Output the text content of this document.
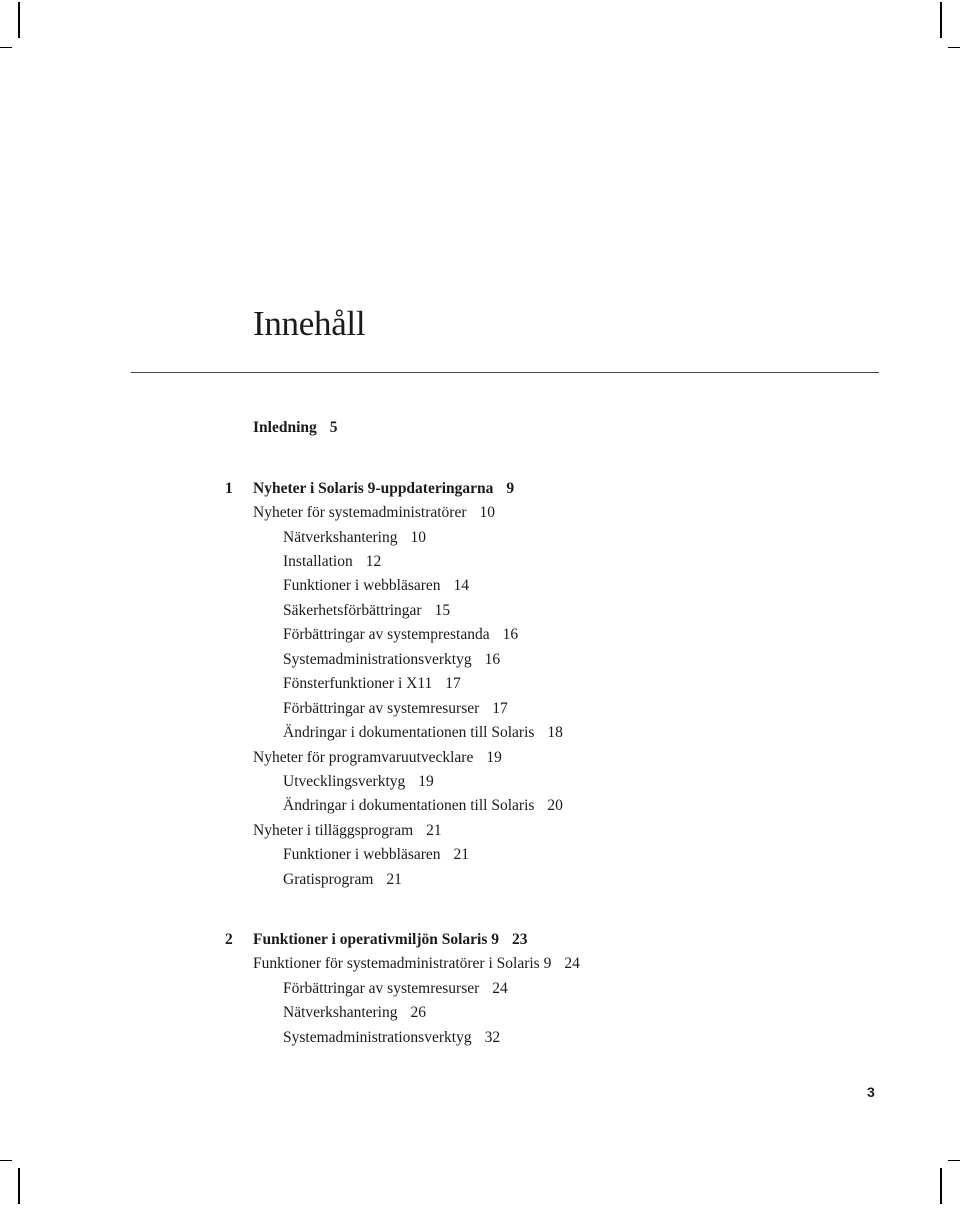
Innehåll
Inledning 5
1 Nyheter i Solaris 9-uppdateringarna 9
Nyheter för systemadministratörer 10
Nätverkshantering 10
Installation 12
Funktioner i webbläsaren 14
Säkerhetsförbättringar 15
Förbättringar av systemprestanda 16
Systemadministrationsverktyg 16
Fönsterfunktioner i X11 17
Förbättringar av systemresurser 17
Ändringar i dokumentationen till Solaris 18
Nyheter för programvaruutvecklare 19
Utvecklingsverktyg 19
Ändringar i dokumentationen till Solaris 20
Nyheter i tilläggsprogram 21
Funktioner i webbläsaren 21
Gratisprogram 21
2 Funktioner i operativmiljön Solaris 9 23
Funktioner för systemadministratörer i Solaris 9 24
Förbättringar av systemresurser 24
Nätverkshantering 26
Systemadministrationsverktyg 32
3
